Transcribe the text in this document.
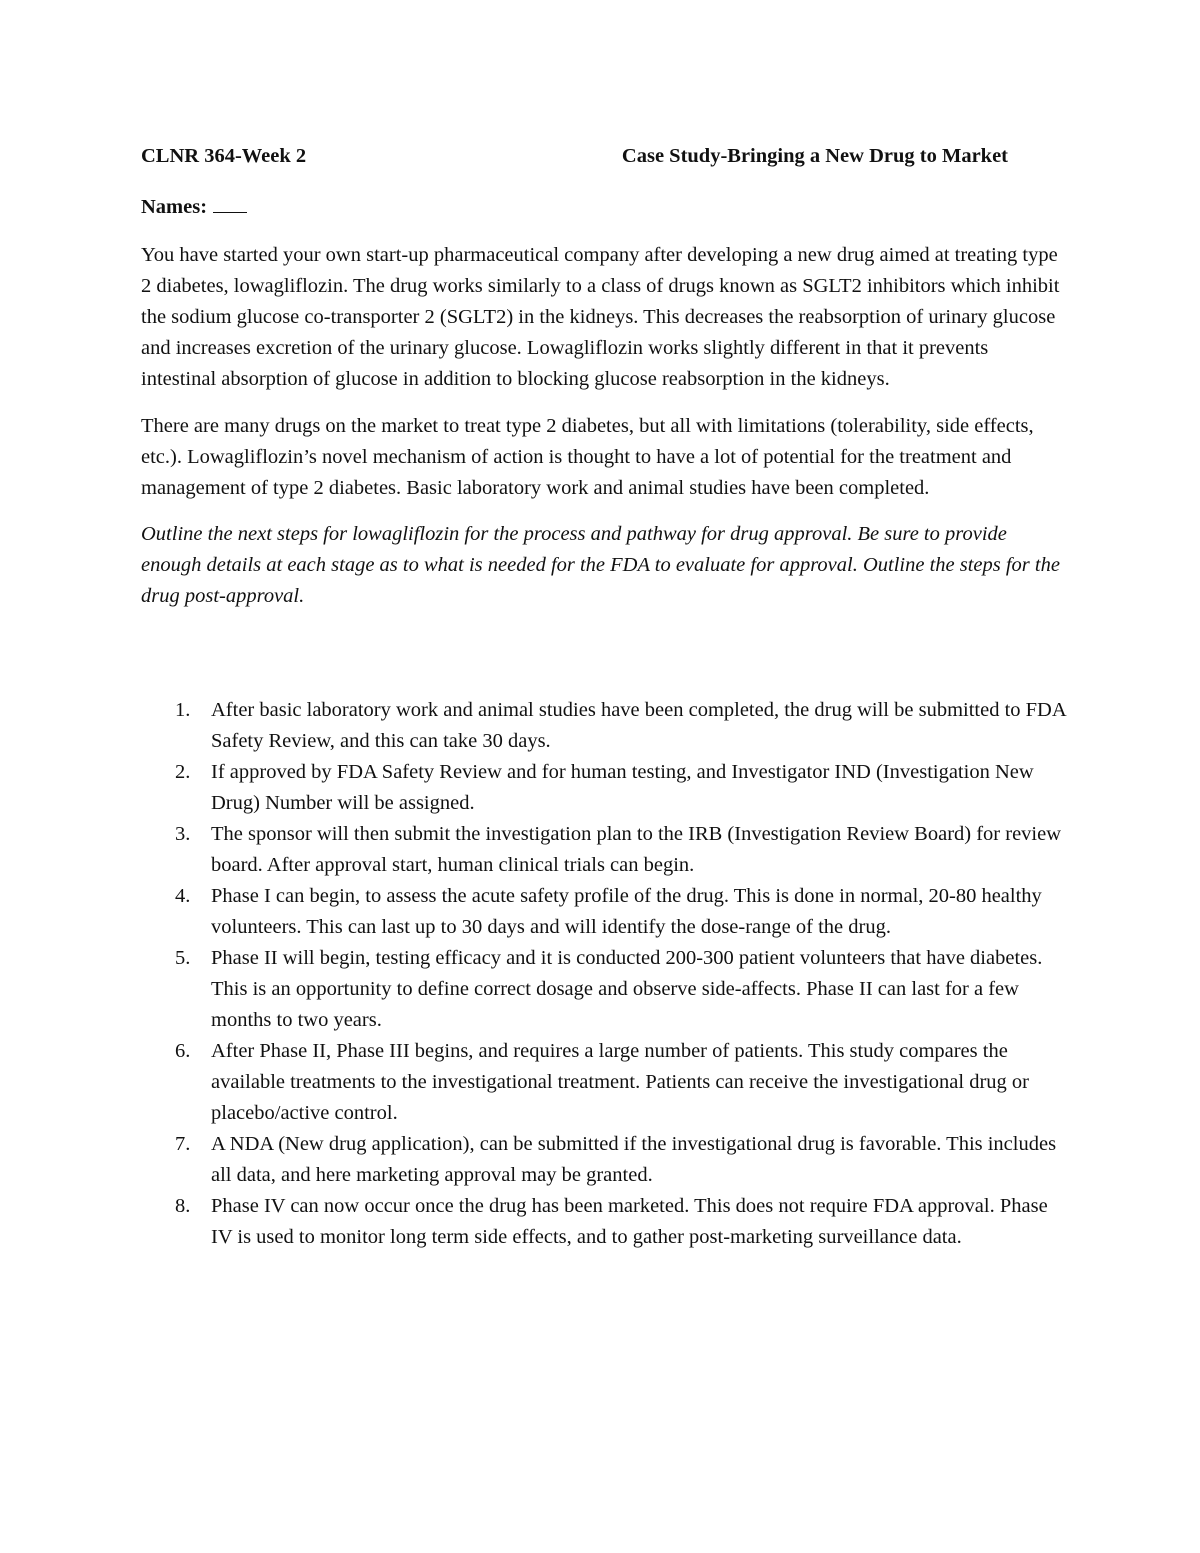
CLNR 364-Week 2	Case Study-Bringing a New Drug to Market
Names:

You have started your own start-up pharmaceutical company after developing a new drug aimed at treating type 2 diabetes, lowagliflozin. The drug works similarly to a class of drugs known as SGLT2 inhibitors which inhibit the sodium glucose co-transporter 2 (SGLT2) in the kidneys. This decreases the reabsorption of urinary glucose and increases excretion of the urinary glucose. Lowagliflozin works slightly different in that it prevents intestinal absorption of glucose in addition to blocking glucose reabsorption in the kidneys.

There are many drugs on the market to treat type 2 diabetes, but all with limitations (tolerability, side effects, etc.). Lowagliflozin’s novel mechanism of action is thought to have a lot of potential for the treatment and management of type 2 diabetes. Basic laboratory work and animal studies have been completed.

Outline the next steps for lowagliflozin for the process and pathway for drug approval. Be sure to provide enough details at each stage as to what is needed for the FDA to evaluate for approval. Outline the steps for the drug post-approval.

1. After basic laboratory work and animal studies have been completed, the drug will be submitted to FDA Safety Review, and this can take 30 days.
2. If approved by FDA Safety Review and for human testing, and Investigator IND (Investigation New Drug) Number will be assigned.
3. The sponsor will then submit the investigation plan to the IRB (Investigation Review Board) for review board. After approval start, human clinical trials can begin.
4. Phase I can begin, to assess the acute safety profile of the drug. This is done in normal, 20-80 healthy volunteers. This can last up to 30 days and will identify the dose-range of the drug.
5. Phase II will begin, testing efficacy and it is conducted 200-300 patient volunteers that have diabetes. This is an opportunity to define correct dosage and observe side-affects. Phase II can last for a few months to two years.
6. After Phase II, Phase III begins, and requires a large number of patients. This study compares the available treatments to the investigational treatment. Patients can receive the investigational drug or placebo/active control.
7. A NDA (New drug application), can be submitted if the investigational drug is favorable. This includes all data, and here marketing approval may be granted.
8. Phase IV can now occur once the drug has been marketed. This does not require FDA approval. Phase IV is used to monitor long term side effects, and to gather post-marketing surveillance data.
